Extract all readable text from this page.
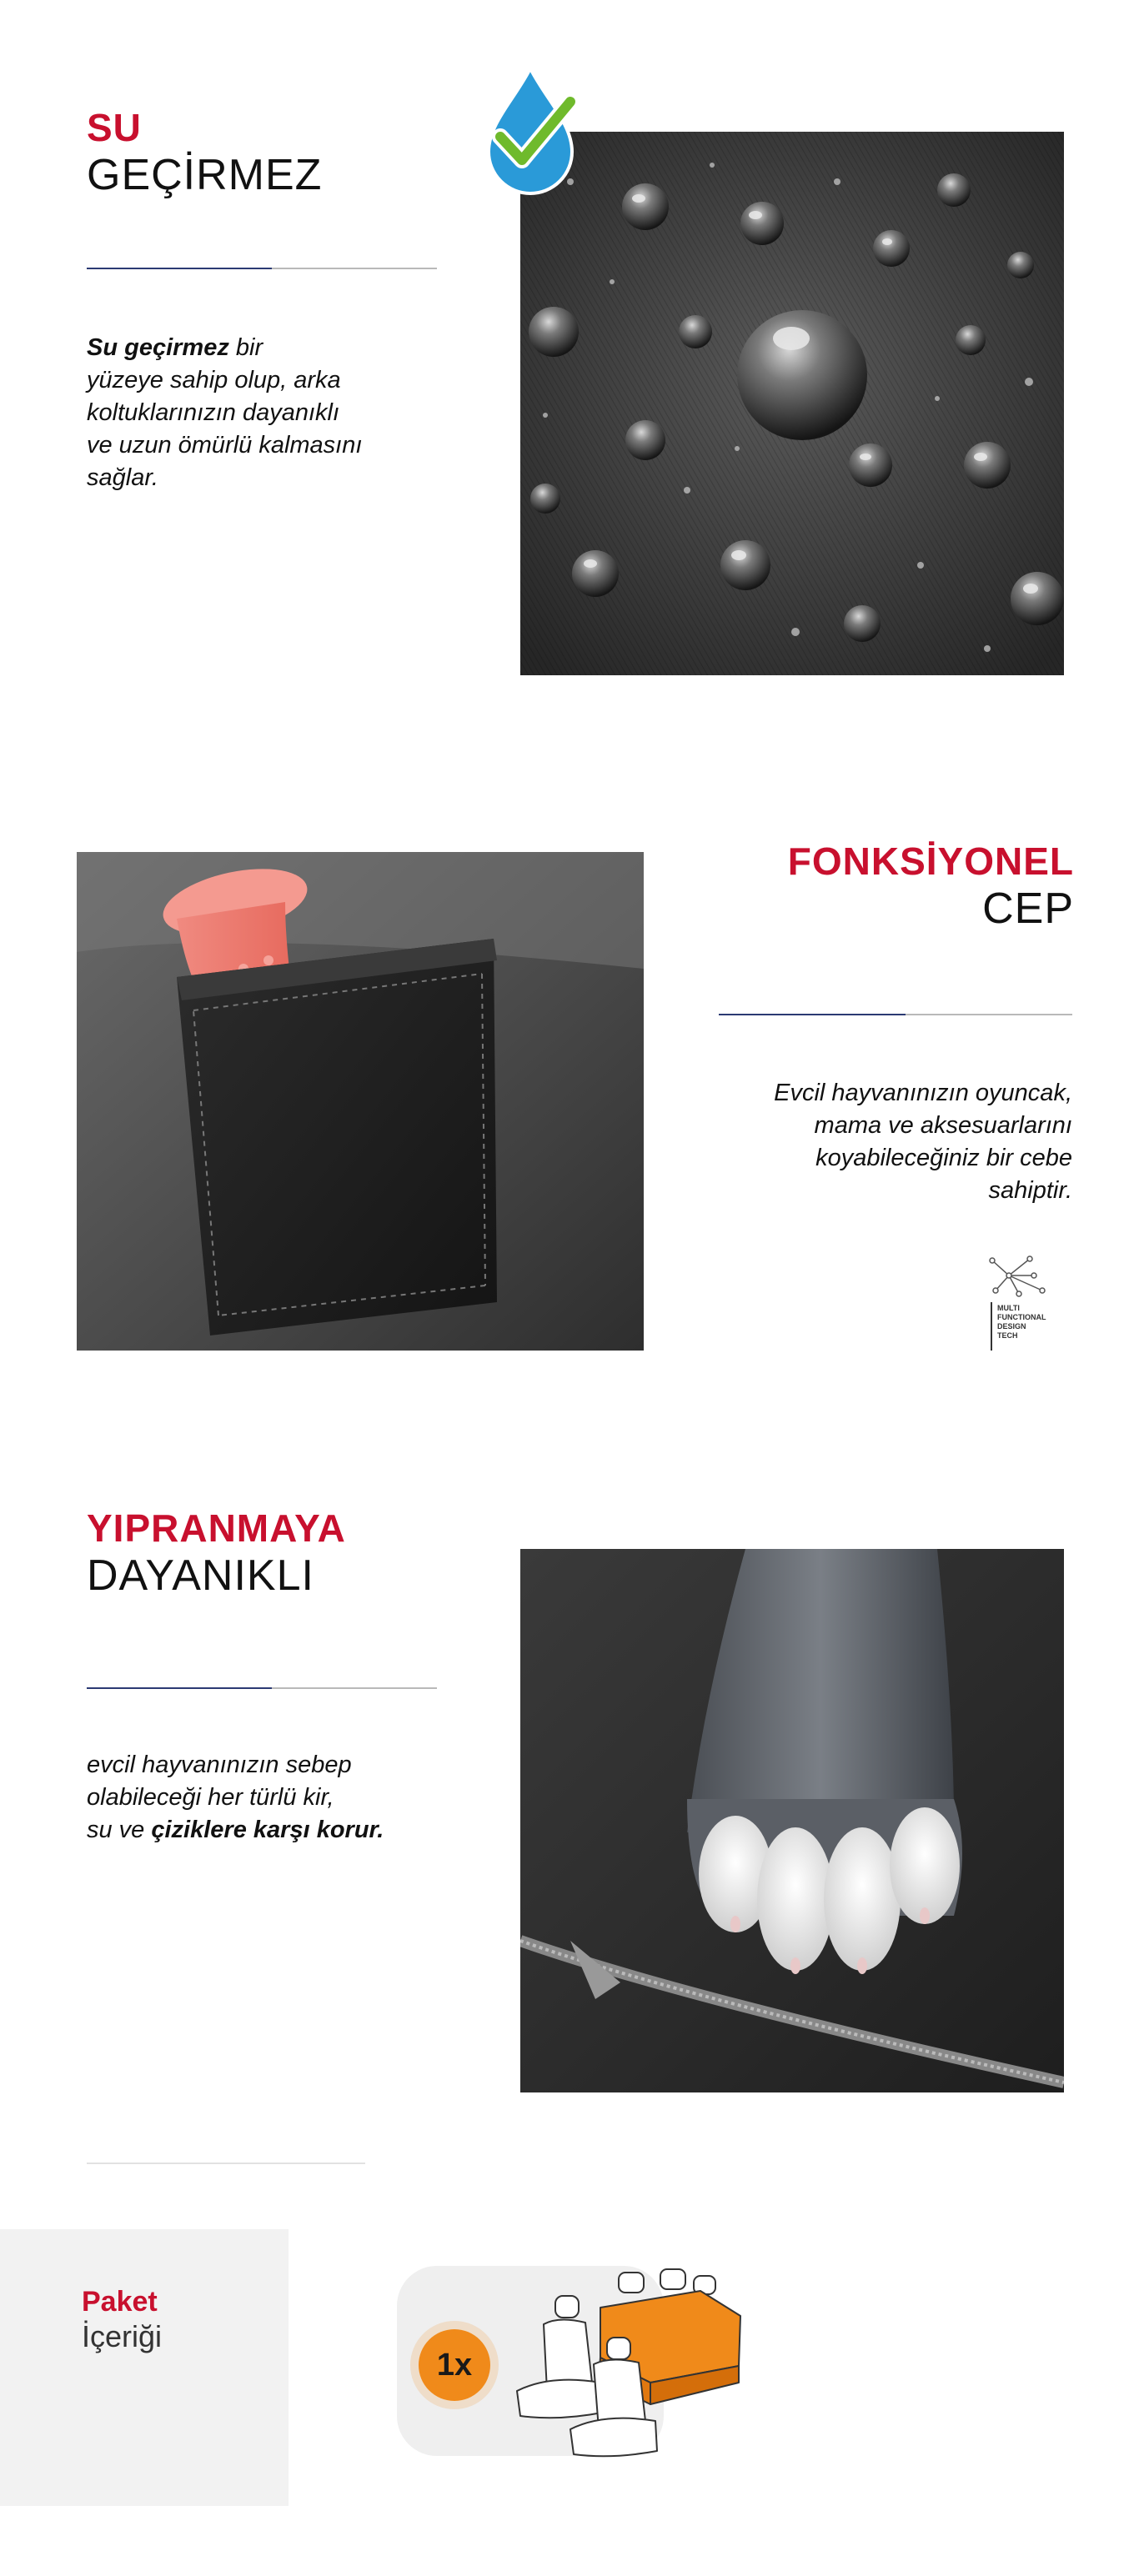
SU
GEÇİRMEZ
Su geçirmez bir
yüzeye sahip olup, arka
koltuklarınızın dayanıklı
ve uzun ömürlü kalmasını
sağlar.
FONKSİYONEL
CEP
Evcil hayvanınızın oyuncak,
mama ve aksesuarlarını
koyabileceğiniz bir cebe
sahiptir.
MULTI
FUNCTIONAL
DESIGN
TECH
YIPRANMAYA
DAYANIKLI
evcil hayvanınızın sebep
olabileceği her türlü kir,
su ve çiziklere karşı korur.
Paket
İçeriği
1x
